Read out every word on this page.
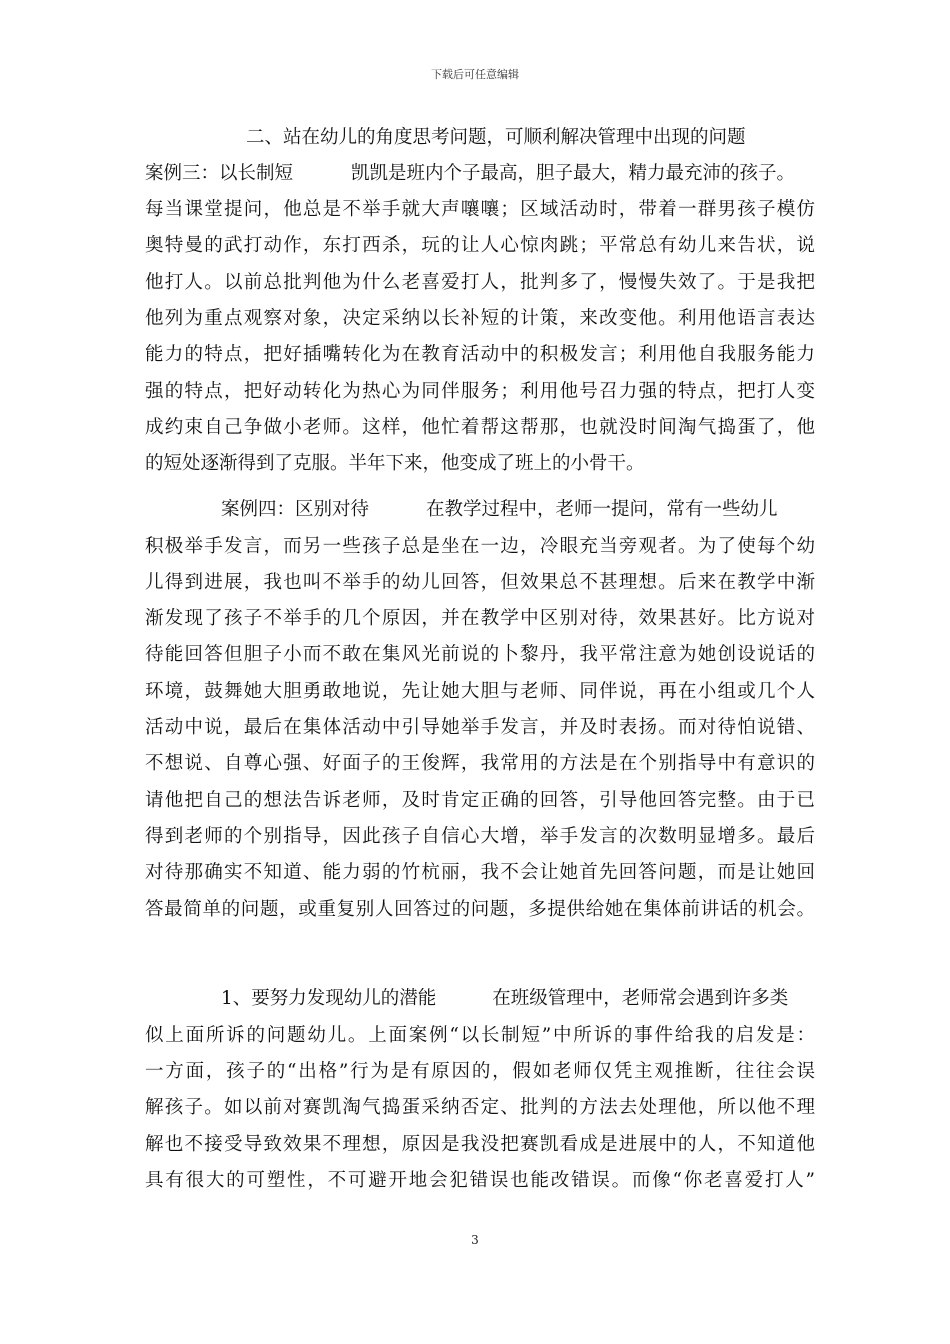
下载后可任意编辑
二、站在幼儿的角度思考问题，可顺利解决管理中出现的问题
案例三：以长制短	凯凯是班内个子最高，胆子最大，精力最充沛的孩子。
每当课堂提问，他总是不举手就大声嚷嚷；区域活动时，带着一群男孩子模仿
奥特曼的武打动作，东打西杀，玩的让人心惊肉跳；平常总有幼儿来告状，说
他打人。以前总批判他为什么老喜爱打人，批判多了，慢慢失效了。于是我把
他列为重点观察对象，决定采纳以长补短的计策，来改变他。利用他语言表达
能力的特点，把好插嘴转化为在教育活动中的积极发言；利用他自我服务能力
强的特点，把好动转化为热心为同伴服务；利用他号召力强的特点，把打人变
成约束自己争做小老师。这样，他忙着帮这帮那，也就没时间淘气捣蛋了，他
的短处逐渐得到了克服。半年下来，他变成了班上的小骨干。
案例四：区别对待	在教学过程中，老师一提问，常有一些幼儿
积极举手发言，而另一些孩子总是坐在一边，冷眼充当旁观者。为了使每个幼
儿得到进展，我也叫不举手的幼儿回答，但效果总不甚理想。后来在教学中渐
渐发现了孩子不举手的几个原因，并在教学中区别对待，效果甚好。比方说对
待能回答但胆子小而不敢在集风光前说的卜黎丹，我平常注意为她创设说话的
环境，鼓舞她大胆勇敢地说，先让她大胆与老师、同伴说，再在小组或几个人
活动中说，最后在集体活动中引导她举手发言，并及时表扬。而对待怕说错、
不想说、自尊心强、好面子的王俊辉，我常用的方法是在个别指导中有意识的
请他把自己的想法告诉老师，及时肯定正确的回答，引导他回答完整。由于已
得到老师的个别指导，因此孩子自信心大增，举手发言的次数明显增多。最后
对待那确实不知道、能力弱的竹杭丽，我不会让她首先回答问题，而是让她回
答最简单的问题，或重复别人回答过的问题，多提供给她在集体前讲话的机会。
1、要努力发现幼儿的潜能	在班级管理中，老师常会遇到许多类
似上面所诉的问题幼儿。上面案例“以长制短”中所诉的事件给我的启发是：
一方面，孩子的“出格”行为是有原因的，假如老师仅凭主观推断，往往会误
解孩子。如以前对赛凯淘气捣蛋采纳否定、批判的方法去处理他，所以他不理
解也不接受导致效果不理想，原因是我没把赛凯看成是进展中的人，不知道他
具有很大的可塑性，不可避开地会犯错误也能改错误。而像“你老喜爱打人”
3
